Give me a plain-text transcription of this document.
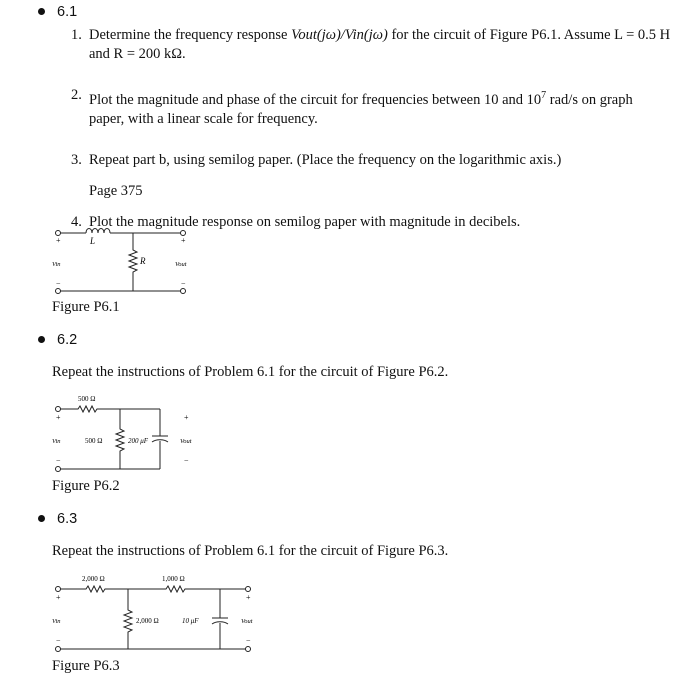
6.1
1. Determine the frequency response Vout(jω)/Vin(jω) for the circuit of Figure P6.1. Assume L = 0.5 H and R = 200 kΩ.
2. Plot the magnitude and phase of the circuit for frequencies between 10 and $10^7$ rad/s on graph paper, with a linear scale for frequency.
3. Repeat part b, using semilog paper. (Place the frequency on the logarithmic axis.)
Page 375
4. Plot the magnitude response on semilog paper with magnitude in decibels.
L
R
+
−
Vin
+
−
Vout
Figure P6.1
6.2
Repeat the instructions of Problem 6.1 for the circuit of Figure P6.2.
500 Ω
500 Ω	200 μF
+
−
Vin
+
−
Vout
Figure P6.2
6.3
Repeat the instructions of Problem 6.1 for the circuit of Figure P6.3.
2,000 Ω	1,000 Ω
2,000 Ω	10 μF
+
−
Vin
+
−
Vout
Figure P6.3
